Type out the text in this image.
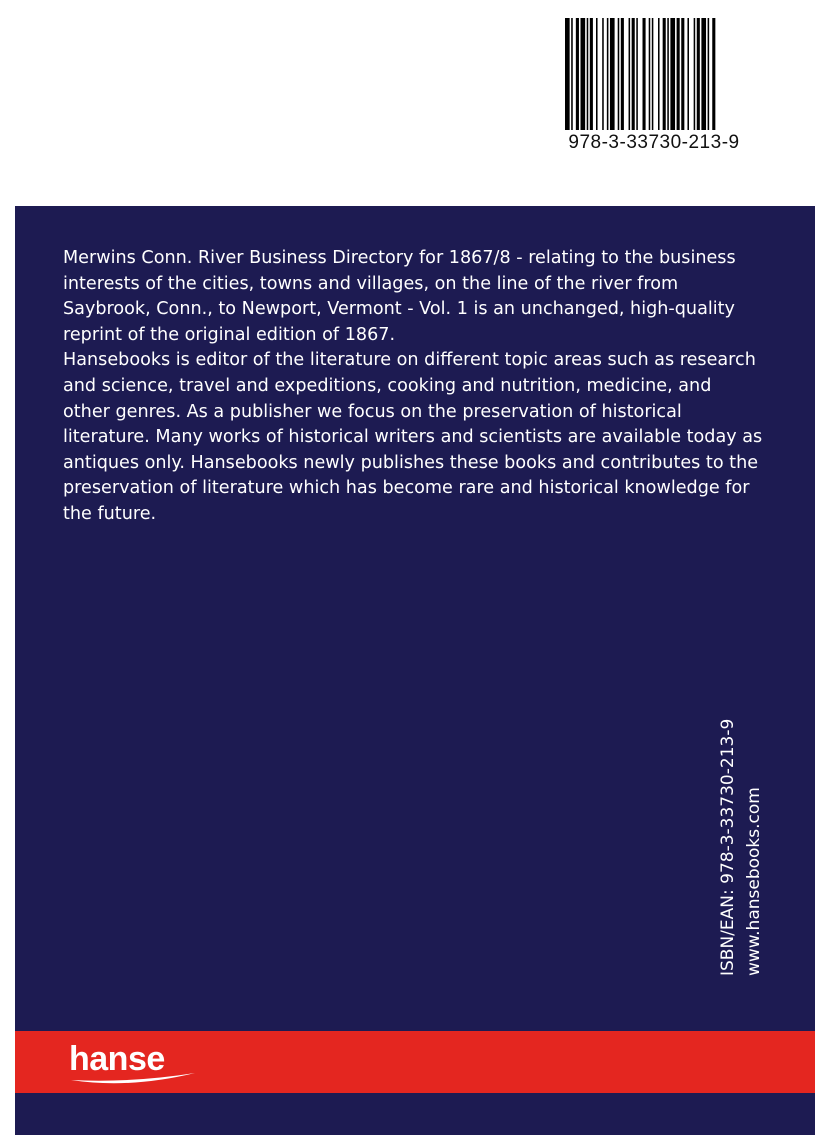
978-3-33730-213-9

Merwins Conn. River Business Directory for 1867/8 - relating to the business interests of the cities, towns and villages, on the line of the river from Saybrook, Conn., to Newport, Vermont - Vol. 1 is an unchanged, high-quality reprint of the original edition of 1867.

Hansebooks is editor of the literature on different topic areas such as research and science, travel and expeditions, cooking and nutrition, medicine, and other genres. As a publisher we focus on the preservation of historical literature. Many works of historical writers and scientists are available today as antiques only. Hansebooks newly publishes these books and contributes to the preservation of literature which has become rare and historical knowledge for the future.

ISBN/EAN: 978-3-33730-213-9 www.hansebooks.com
hanse
